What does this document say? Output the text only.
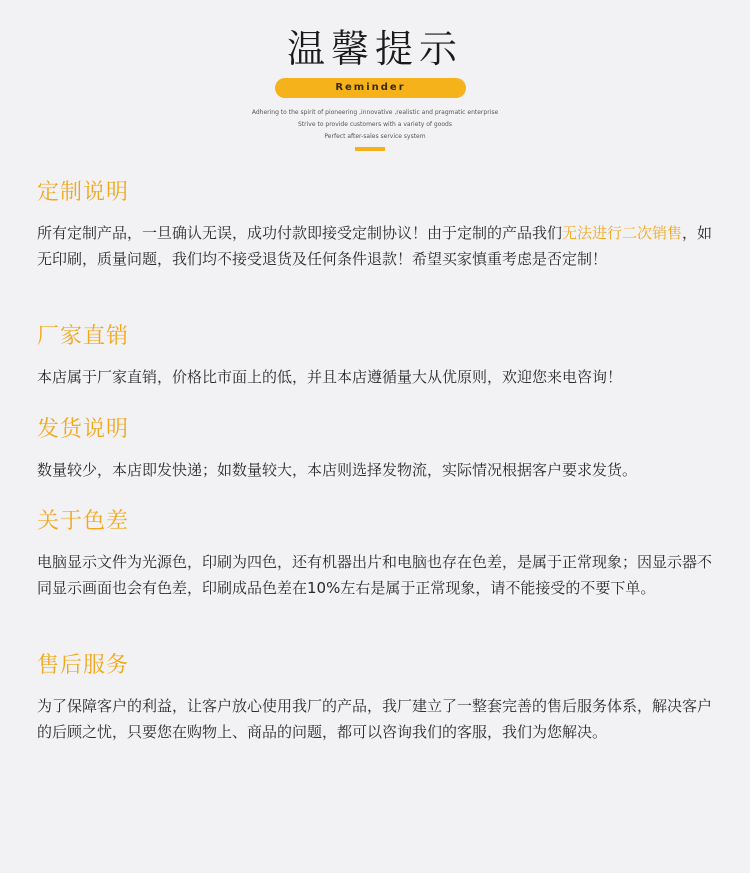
温馨提示
Reminder
Adhering to the spirit of pioneering ,innovative ,realistic and pragmatic enterprise
Strive to provide customers with a variety of goods
Perfect after-sales service system
定制说明
所有定制产品，一旦确认无误，成功付款即接受定制协议！由于定制的产品我们无法进行二次销售，如无印刷，质量问题，我们均不接受退货及任何条件退款！希望买家慎重考虑是否定制！
厂家直销
本店属于厂家直销，价格比市面上的低，并且本店遵循量大从优原则，欢迎您来电咨询！
发货说明
数量较少，本店即发快递；如数量较大，本店则选择发物流，实际情况根据客户要求发货。
关于色差
电脑显示文件为光源色，印刷为四色，还有机器出片和电脑也存在色差，是属于正常现象；因显示器不同显示画面也会有色差，印刷成品色差在10%左右是属于正常现象，请不能接受的不要下单。
售后服务
为了保障客户的利益，让客户放心使用我厂的产品，我厂建立了一整套完善的售后服务体系，解决客户的后顾之忧，只要您在购物上、商品的问题，都可以咨询我们的客服，我们为您解决。
